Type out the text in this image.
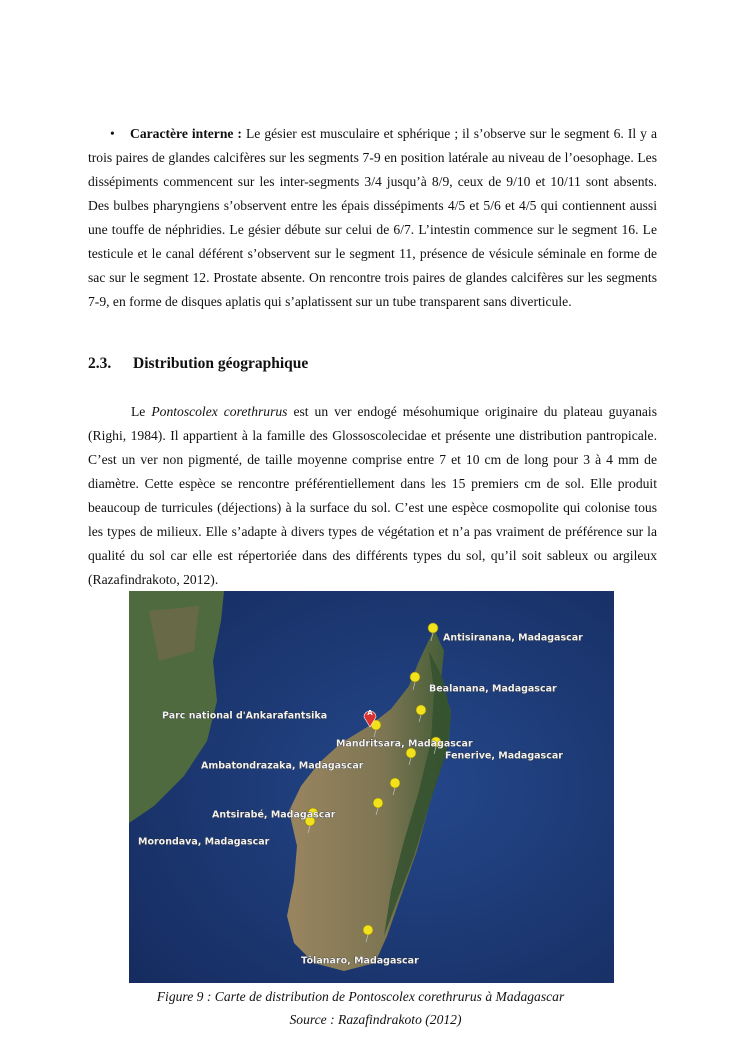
• Caractère interne : Le gésier est musculaire et sphérique ; il s’observe sur le segment 6. Il y a trois paires de glandes calcifères sur les segments 7-9 en position latérale au niveau de l’oesophage. Les dissépiments commencent sur les inter-segments 3/4 jusqu’à 8/9, ceux de 9/10 et 10/11 sont absents. Des bulbes pharyngiens s’observent entre les épais dissépiments 4/5 et 5/6 et 4/5 qui contiennent aussi une touffe de néphridies. Le gésier débute sur celui de 6/7. L’intestin commence sur le segment 16. Le testicule et le canal déférent s’observent sur le segment 11, présence de vésicule séminale en forme de sac sur le segment 12. Prostate absente. On rencontre trois paires de glandes calcifères sur les segments 7-9, en forme de disques aplatis qui s’aplatissent sur un tube transparent sans diverticule.

2.3. Distribution géographique

Le Pontoscolex corethrurus est un ver endogé mésohumique originaire du plateau guyanais (Righi, 1984). Il appartient à la famille des Glossoscolecidae et présente une distribution pantropicale. C’est un ver non pigmenté, de taille moyenne comprise entre 7 et 10 cm de long pour 3 à 4 mm de diamètre. Cette espèce se rencontre préférentiellement dans les 15 premiers cm de sol. Elle produit beaucoup de turricules (déjections) à la surface du sol. C’est une espèce cosmopolite qui colonise tous les types de milieux. Elle s’adapte à divers types de végétation et n’a pas vraiment de préférence sur la qualité du sol car elle est répertoriée dans des différents types du sol, qu’il soit sableux ou argileux (Razafindrakoto, 2012).

A
Antisiranana, Madagascar
Bealanana, Madagascar
Parc national d'Ankarafantsika
Mandritsara, Madagascar
Fenerive, Madagascar
Ambatondrazaka, Madagascar
Antsirabé, Madagascar
Morondava, Madagascar
Tôlanaro, Madagascar
Figure 9 : Carte de distribution de Pontoscolex corethrurus à Madagascar
Source : Razafindrakoto (2012)
